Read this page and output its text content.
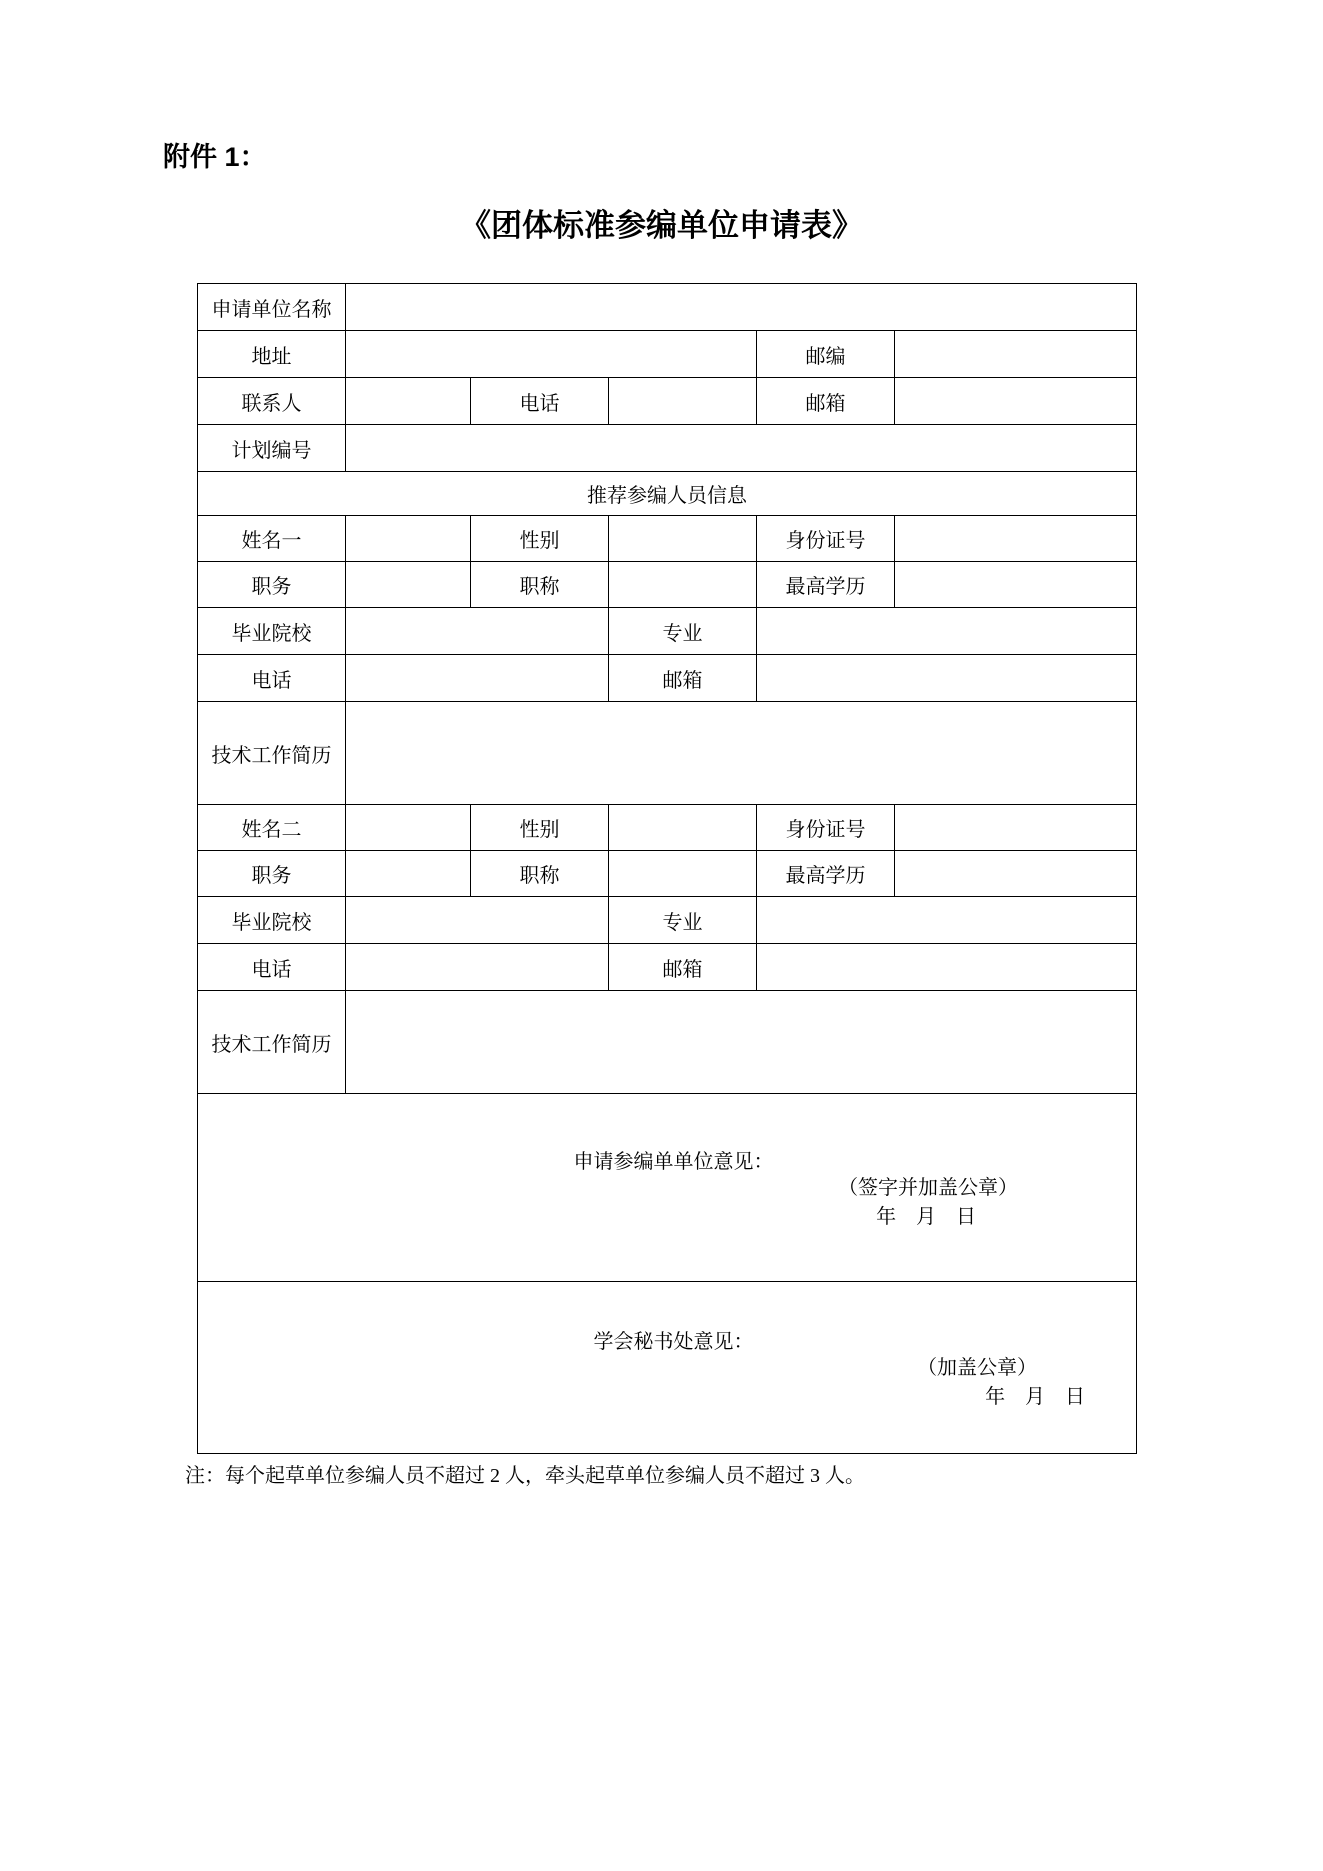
附件 1：
《团体标准参编单位申请表》
申请单位名称					
地址				邮编	
联系人		电话		邮箱	
计划编号					
推荐参编人员信息					
姓名一		性别		身份证号	
职务		职称		最高学历	
毕业院校			专业		
电话			邮箱		
技术工作简历					
姓名二		性别		身份证号	
职务		职称		最高学历	
毕业院校			专业		
电话			邮箱		
技术工作简历					

申请参编单单位意见：
（签字并加盖公章）
年　月　日					

学会秘书处意见：
（加盖公章）
年　月　日					
注：每个起草单位参编人员不超过 2 人，牵头起草单位参编人员不超过 3 人。
